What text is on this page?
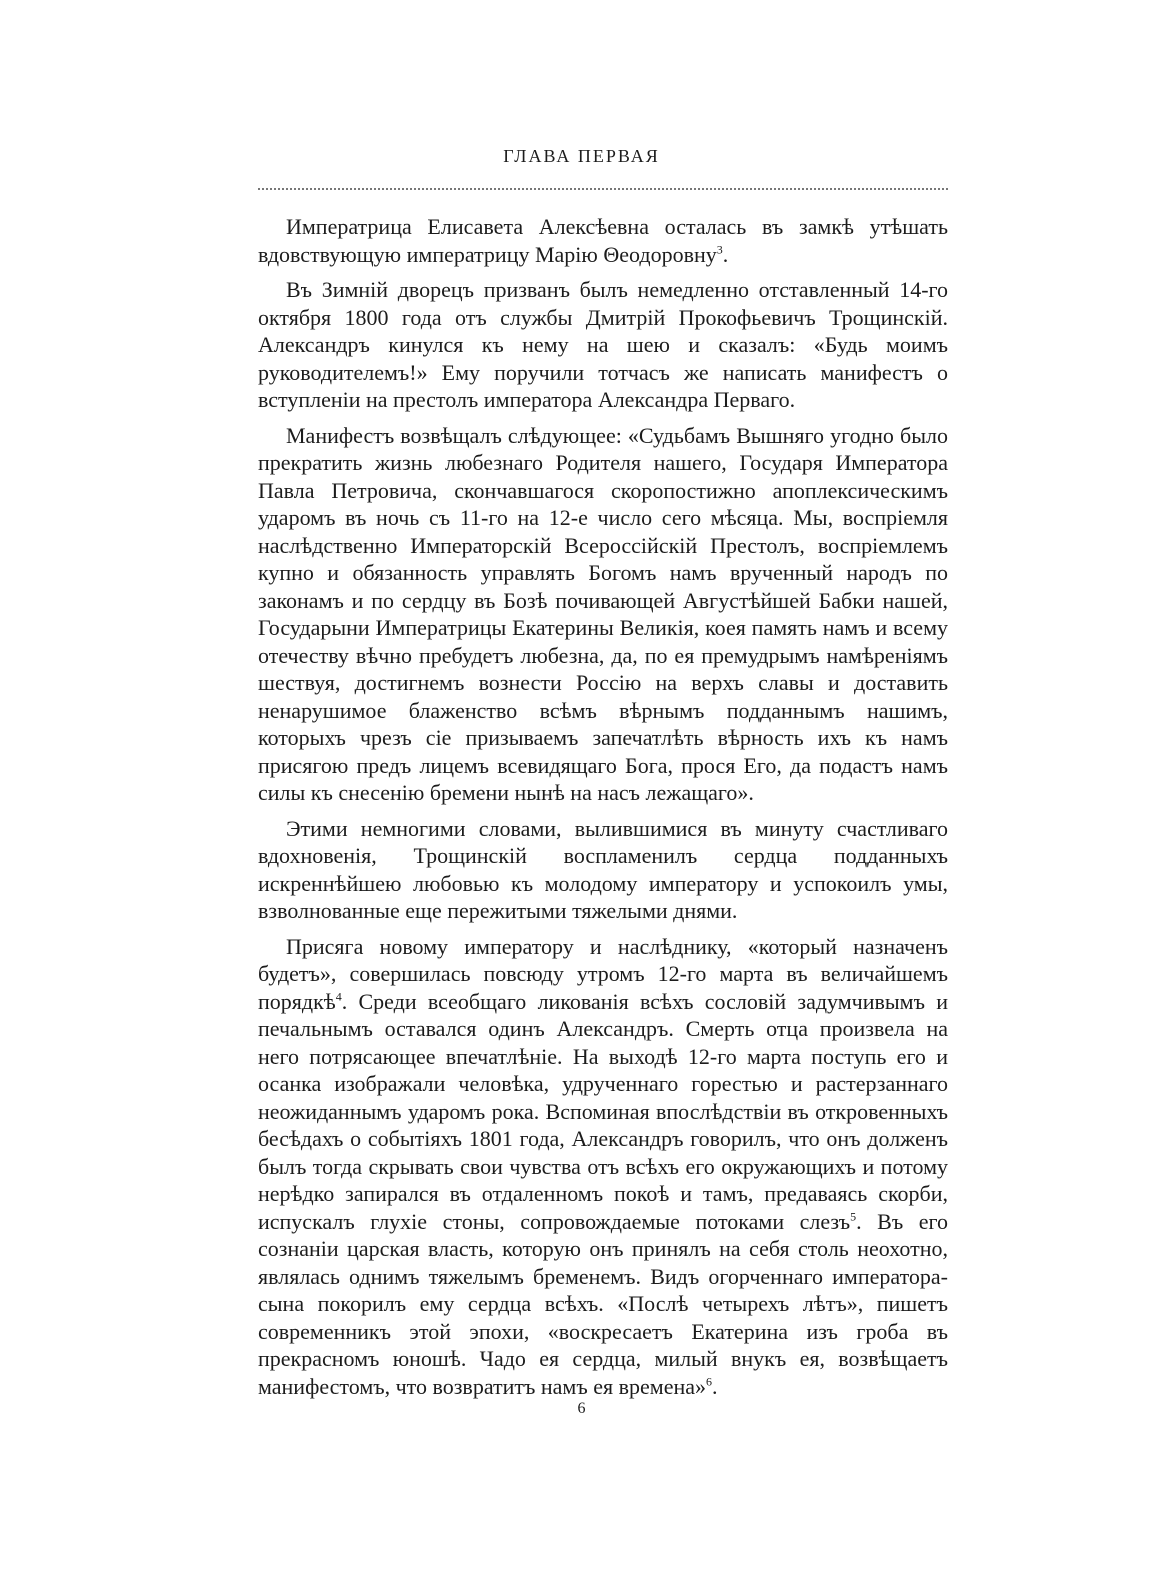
ГЛАВА ПЕРВАЯ

Императрица Елисавета Алексѣевна осталась въ замкѣ утѣшать вдовствующую императрицу Марію Θеодоровну$^3$.

Въ Зимній дворецъ призванъ былъ немедленно отставленный 14-го октября 1800 года отъ службы Дмитрій Прокофьевичъ Трощинскій. Александръ кинулся къ нему на шею и сказалъ: «Будь моимъ руководителемъ!» Ему поручили тотчасъ же написать манифестъ о вступленіи на престолъ императора Александра Перваго.

Манифестъ возвѣщалъ слѣдующее: «Судьбамъ Вышняго угодно было прекратить жизнь любезнаго Родителя нашего, Государя Императора Павла Петровича, скончавшагося скоропостижно апоплексическимъ ударомъ въ ночь съ 11-го на 12-е число сего мѣсяца. Мы, воспріемля наслѣдственно Императорскій Всероссійскій Престолъ, воспріемлемъ купно и обязанность управлять Богомъ намъ врученный народъ по законамъ и по сердцу въ Бозѣ почивающей Августѣйшей Бабки нашей, Государыни Императрицы Екатерины Великія, коея память намъ и всему отечеству вѣчно пребудетъ любезна, да, по ея премудрымъ намѣреніямъ шествуя, достигнемъ вознести Россію на верхъ славы и доставить ненарушимое блаженство всѣмъ вѣрнымъ подданнымъ нашимъ, которыхъ чрезъ сіе призываемъ запечатлѣть вѣрность ихъ къ намъ присягою предъ лицемъ всевидящаго Бога, прося Его, да подастъ намъ силы къ снесенію бремени нынѣ на насъ лежащаго».

Этими немногими словами, вылившимися въ минуту счастливаго вдохновенія, Трощинскій воспламенилъ сердца подданныхъ искреннѣйшею любовью къ молодому императору и успокоилъ умы, взволнованные еще пережитыми тяжелыми днями.

Присяга новому императору и наслѣднику, «который назначенъ будетъ», совершилась повсюду утромъ 12-го марта въ величайшемъ порядкѣ$^4$. Среди всеобщаго ликованія всѣхъ сословій задумчивымъ и печальнымъ оставался одинъ Александръ. Смерть отца произвела на него потрясающее впечатлѣніе. На выходѣ 12-го марта поступь его и осанка изображали человѣка, удрученнаго горестью и растерзаннаго неожиданнымъ ударомъ рока. Вспоминая впослѣдствіи въ откровенныхъ бесѣдахъ о событіяхъ 1801 года, Александръ говорилъ, что онъ долженъ былъ тогда скрывать свои чувства отъ всѣхъ его окружающихъ и потому нерѣдко запирался въ отдаленномъ покоѣ и тамъ, предаваясь скорби, испускалъ глухіе стоны, сопровождаемые потоками слезъ$^5$. Въ его сознаніи царская власть, которую онъ принялъ на себя столь неохотно, являлась однимъ тяжелымъ бременемъ. Видъ огорченнаго императора-сына покорилъ ему сердца всѣхъ. «Послѣ четырехъ лѣтъ», пишетъ современникъ этой эпохи, «воскресаетъ Екатерина изъ гроба въ прекрасномъ юношѣ. Чадо ея сердца, милый внукъ ея, возвѣщаетъ манифестомъ, что возвратитъ намъ ея времена»$^6$.

6
